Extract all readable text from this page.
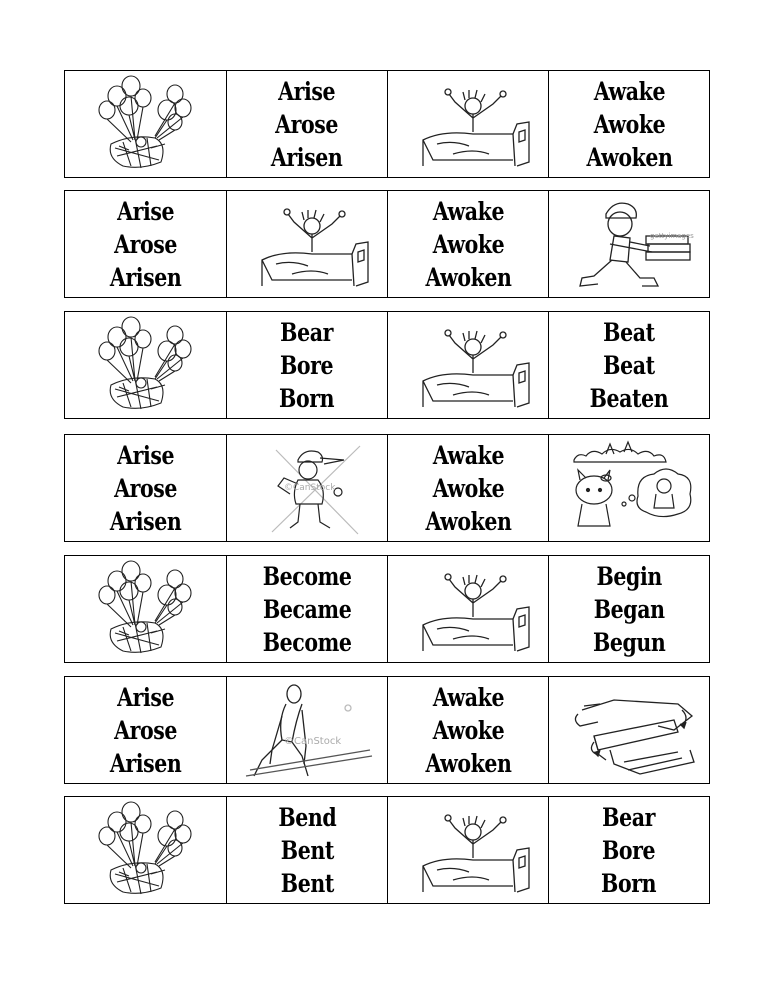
Arise
Arose
Arisen
Awake
Awoke
Awoken
Arise
Arose
Arisen
Awake
Awoke
Awoken
gettyimages
Bear
Bore
Born
Beat
Beat
Beaten
Arise
Arose
Arisen
©CanStock
Awake
Awoke
Awoken
Become
Became
Become
Begin
Began
Begun
Arise
Arose
Arisen
©CanStock
Awake
Awoke
Awoken
Bend
Bent
Bent
Bear
Bore
Born
